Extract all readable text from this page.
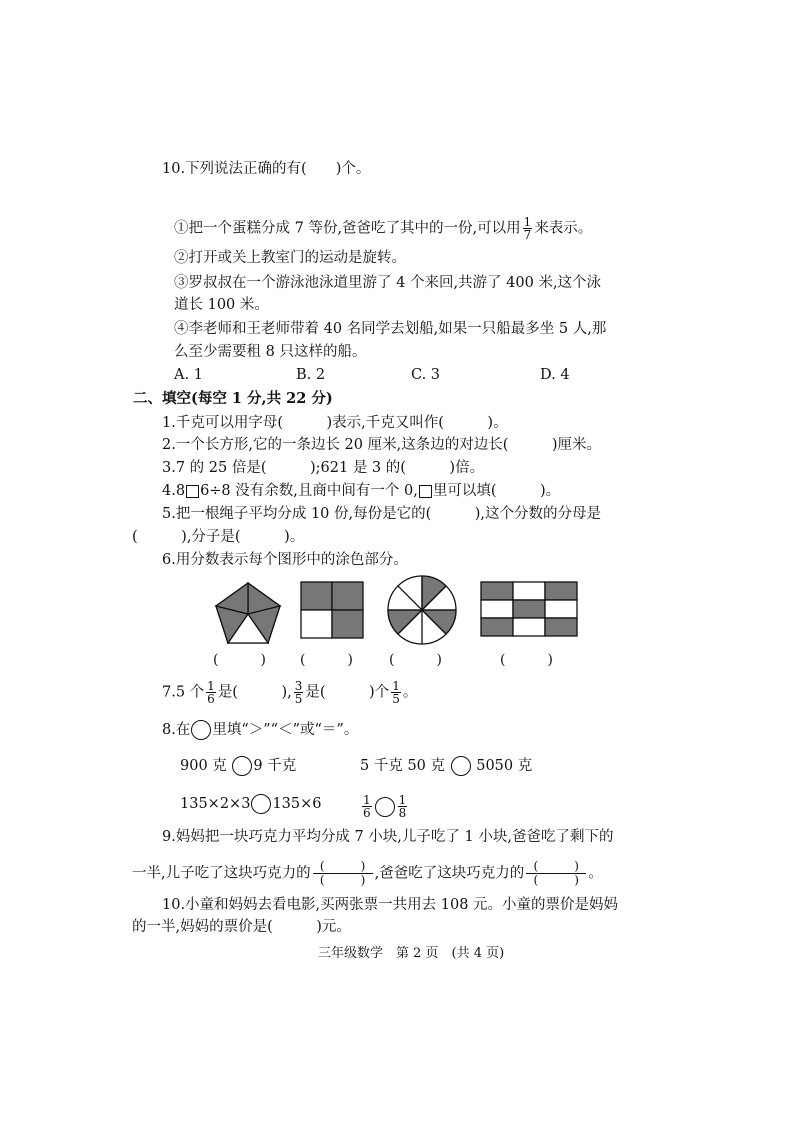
10.下列说法正确的有(　　)个。
①把一个蛋糕分成 7 等份,爸爸吃了其中的一份,可以用 $\frac{1}{7}$ 来表示。
②打开或关上教室门的运动是旋转。
③罗叔叔在一个游泳池泳道里游了 4 个来回,共游了 400 米,这个泳
道长 100 米。
④李老师和王老师带着 40 名同学去划船,如果一只船最多坐 5 人,那
么至少需要租 8 只这样的船。
A. 1	C. 3
B. 2	D. 4
二、填空(每空 1 分,共 22 分)
1.千克可以用字母(　　　)表示,千克又叫作(　　　)。
2.一个长方形,它的一条边长 20 厘米,这条边的对边长(　　　)厘米。
3.7 的 25 倍是(　　　);621 是 3 的(　　　)倍。
4.8 6÷8 没有余数,且商中间有一个 0, 里可以填(　　　)。
5.把一根绳子平均分成 10 份,每份是它的(　　　),这个分数的分母是
(　　　),分子是(　　　)。
6.用分数表示每个图形中的涂色部分。
(　　　) (　　　)	(　　　)	(　　　)
7.5 个 $\frac{1}{6}$ 是(　　　), $\frac{3}{5}$ 是(　　　)个 $\frac{1}{5}$ 。
8.在 里填“＞”“＜”或“＝”。
900 克 9 千克	5 千克 50 克 5050 克
135×2×3 135×6	$\frac{1}{6} \frac{1}{8}$
9.妈妈把一块巧克力平均分成 7 小块,儿子吃了 1 小块,爸爸吃了剩下的
一半,儿子吃了这块巧克力的 $\frac{( )}{( )}$ ,爸爸吃了这块巧克力的 $\frac{( )}{( )}$ 。
10.小童和妈妈去看电影,买两张票一共用去 108 元。小童的票价是妈妈
的一半,妈妈的票价是(　　　)元。
三年级数学　第 2 页　(共 4 页)
